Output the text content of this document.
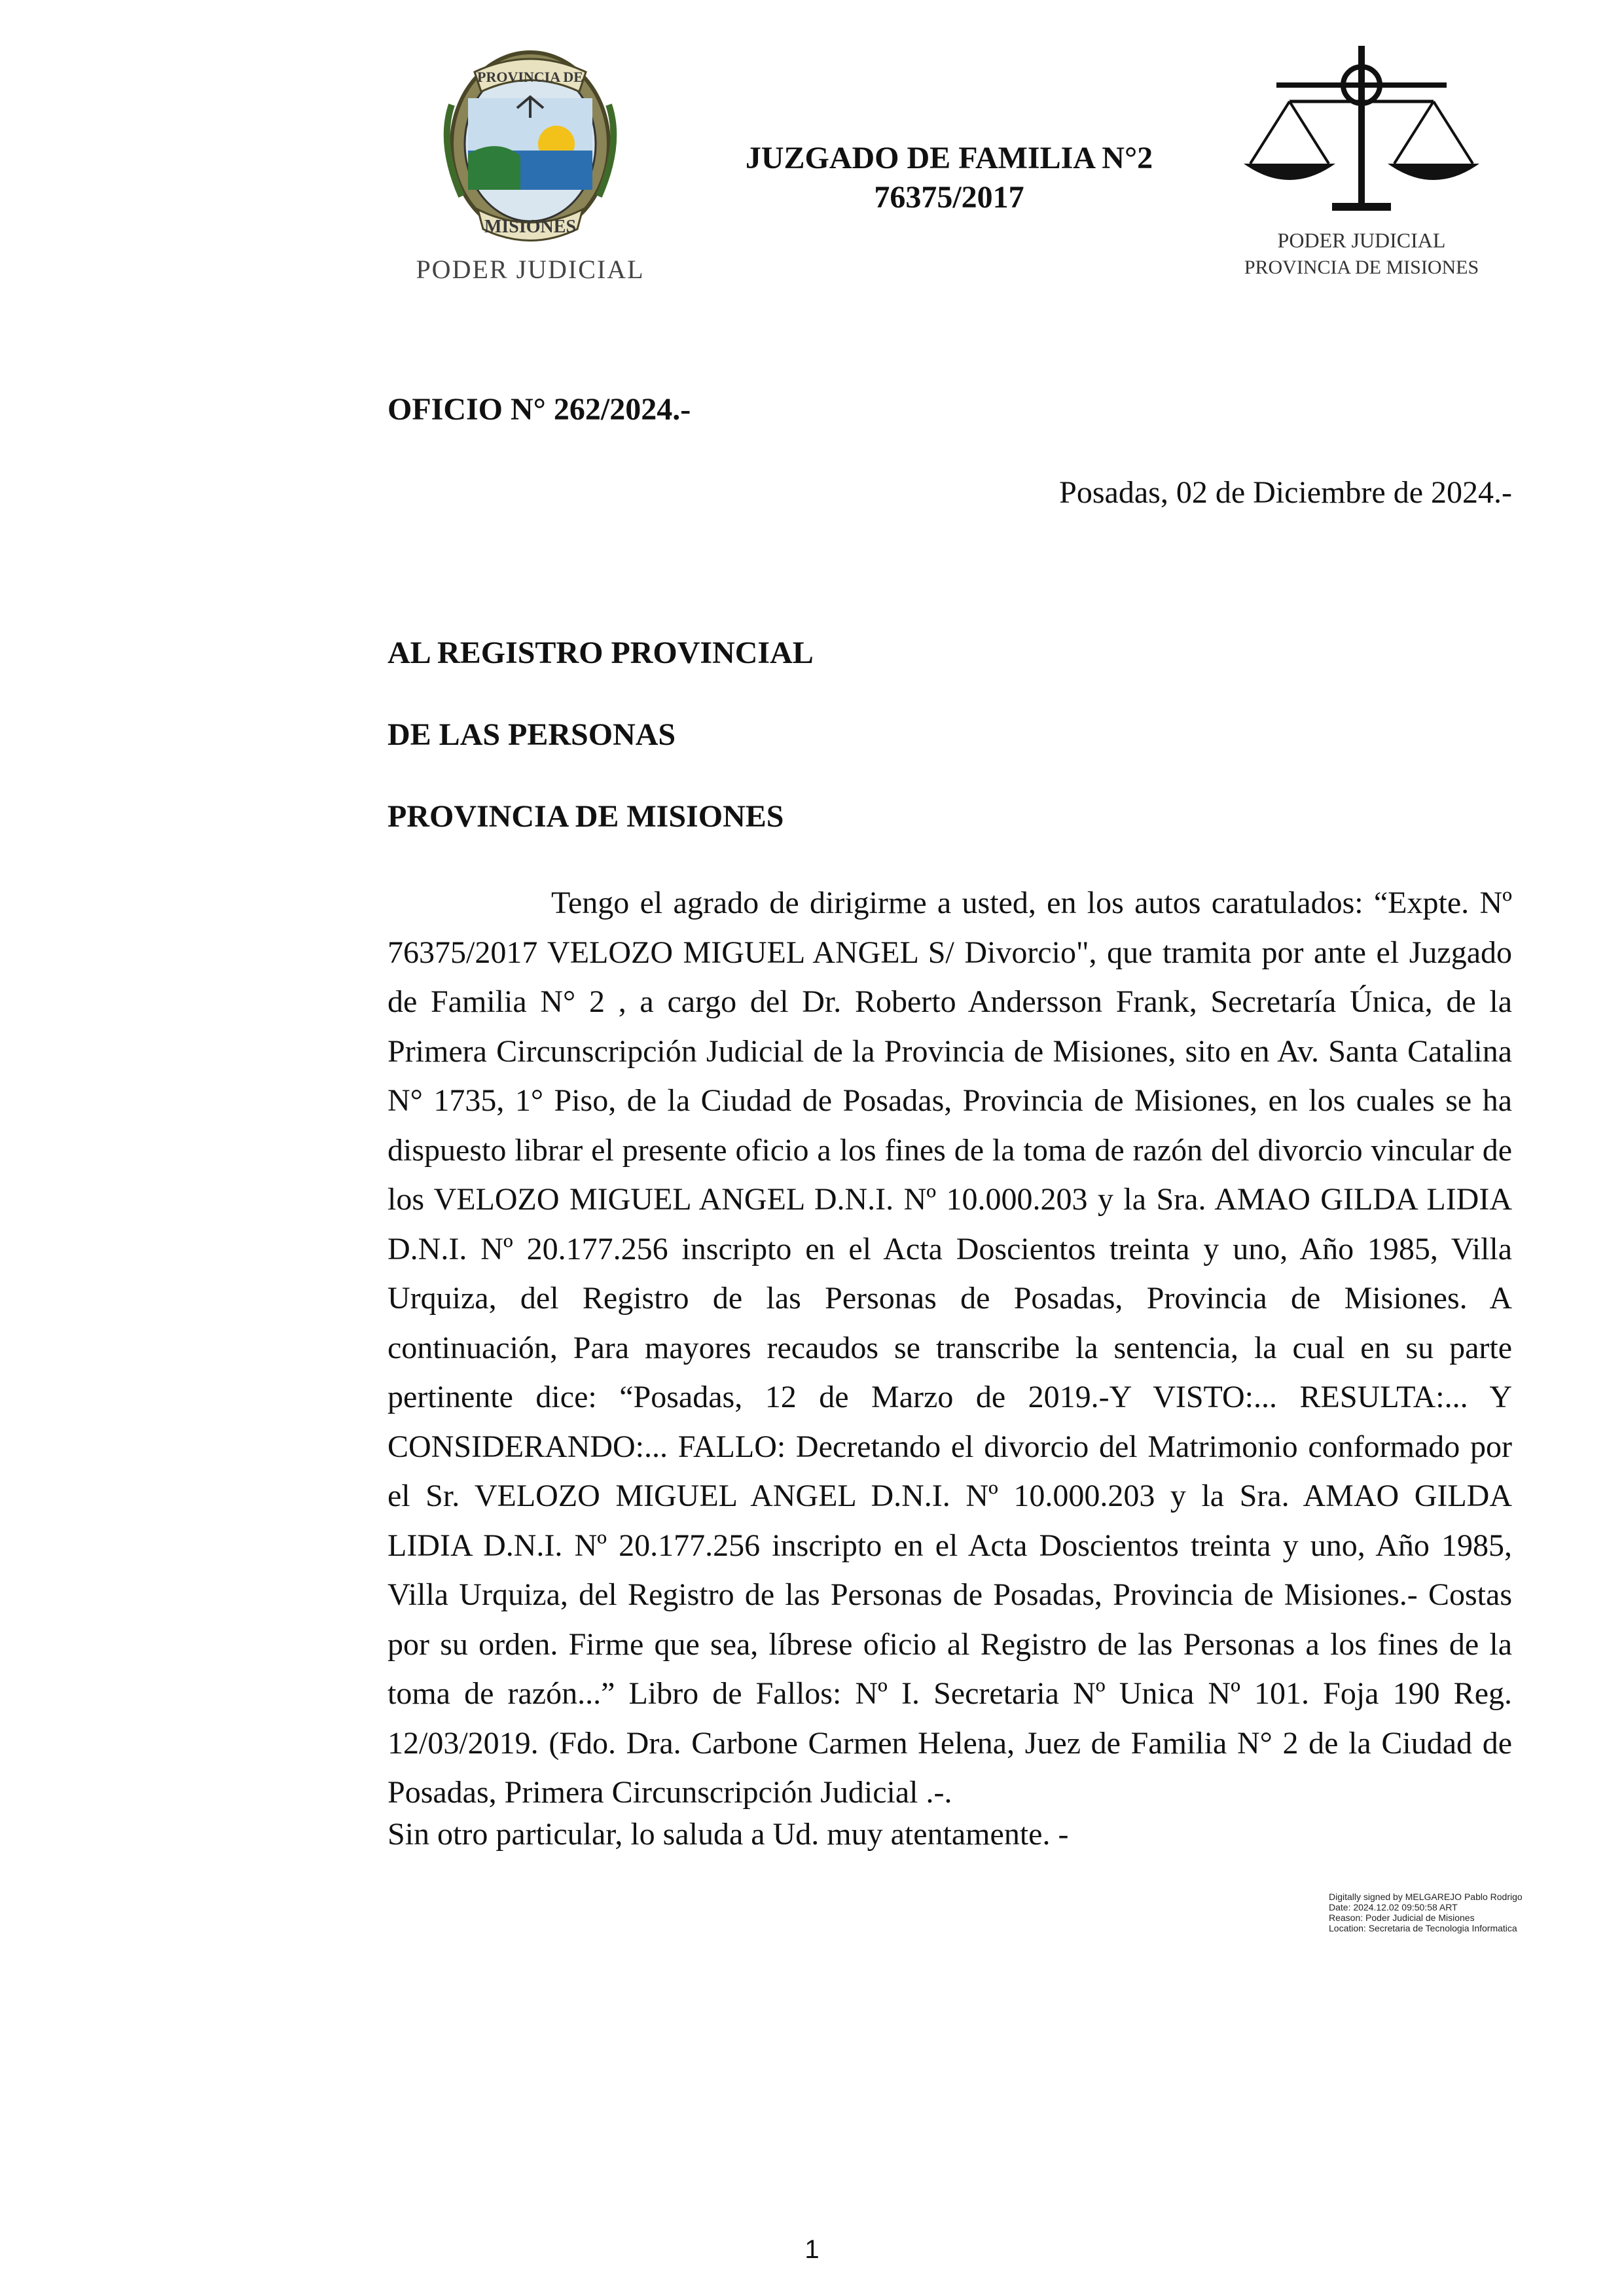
PROVINCIA DE
MISIONES
PODER JUDICIAL
JUZGADO DE FAMILIA N°2
76375/2017
PODER JUDICIAL
PROVINCIA DE MISIONES
OFICIO N° 262/2024.-
Posadas, 02 de Diciembre de 2024.-
AL REGISTRO PROVINCIAL
DE LAS PERSONAS
PROVINCIA DE MISIONES
Tengo el agrado de dirigirme a usted, en los autos caratulados: “Expte. Nº 76375/2017 VELOZO MIGUEL ANGEL S/ Divorcio", que tramita por ante el Juzgado de Familia N° 2 , a cargo del Dr. Roberto Andersson Frank, Secretaría Única, de la Primera Circunscripción Judicial de la Provincia de Misiones, sito en Av. Santa Catalina N° 1735, 1° Piso, de la Ciudad de Posadas, Provincia de Misiones, en los cuales se ha dispuesto librar el presente oficio a los fines de la toma de razón del divorcio vincular de los VELOZO MIGUEL ANGEL D.N.I. Nº 10.000.203 y la Sra. AMAO GILDA LIDIA D.N.I. Nº 20.177.256 inscripto en el Acta Doscientos treinta y uno, Año 1985, Villa Urquiza, del Registro de las Personas de Posadas, Provincia de Misiones. A continuación, Para mayores recaudos se transcribe la sentencia, la cual en su parte pertinente dice: “Posadas, 12 de Marzo de 2019.-Y VISTO:... RESULTA:... Y CONSIDERANDO:... FALLO: Decretando el divorcio del Matrimonio conformado por el Sr. VELOZO MIGUEL ANGEL D.N.I. Nº 10.000.203 y la Sra. AMAO GILDA LIDIA D.N.I. Nº 20.177.256 inscripto en el Acta Doscientos treinta y uno, Año 1985, Villa Urquiza, del Registro de las Personas de Posadas, Provincia de Misiones.- Costas por su orden. Firme que sea, líbrese oficio al Registro de las Personas a los fines de la toma de razón...” Libro de Fallos: Nº I. Secretaria Nº Unica Nº 101. Foja 190 Reg. 12/03/2019. (Fdo. Dra. Carbone Carmen Helena, Juez de Familia N° 2 de la Ciudad de Posadas, Primera Circunscripción Judicial .-.
Sin otro particular, lo saluda a Ud. muy atentamente. -
Digitally signed by MELGAREJO Pablo Rodrigo
Date: 2024.12.02 09:50:58 ART
Reason: Poder Judicial de Misiones
Location: Secretaria de Tecnologia Informatica
1
